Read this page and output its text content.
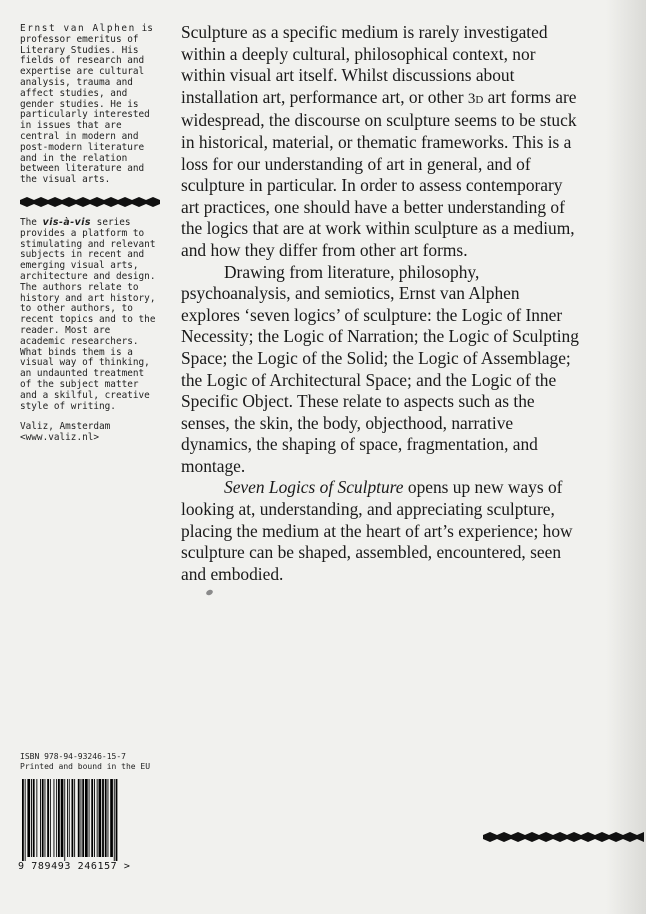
Ernst van Alphen is professor emeritus of Literary Studies. His fields of research and expertise are cultural analysis, trauma and affect studies, and gender studies. He is particularly interested in issues that are central in modern and post-modern literature and in the relation between literature and the visual arts.

The vis-à-vis series provides a platform to stimulating and relevant subjects in recent and emerging visual arts, architecture and design. The authors relate to history and art history, to other authors, to recent topics and to the reader. Most are academic researchers. What binds them is a visual way of thinking, an undaunted treatment of the subject matter and a skilful, creative style of writing.

Valiz, Amsterdam
<www.valiz.nl>

Sculpture as a specific medium is rarely investigated within a deeply cultural, philosophical context, nor within visual art itself. Whilst discussions about installation art, performance art, or other 3d art forms are widespread, the discourse on sculpture seems to be stuck in historical, material, or thematic frameworks. This is a loss for our understanding of art in general, and of sculpture in particular. In order to assess contemporary art practices, one should have a better understanding of the logics that are at work within sculpture as a medium, and how they differ from other art forms.

Drawing from literature, philosophy, psychoanalysis, and semiotics, Ernst van Alphen explores ‘seven logics’ of sculpture: the Logic of Inner Necessity; the Logic of Narration; the Logic of Sculpting Space; the Logic of the Solid; the Logic of Assemblage; the Logic of Architectural Space; and the Logic of the Specific Object. These relate to aspects such as the senses, the skin, the body, objecthood, narrative dynamics, the shaping of space, fragmentation, and montage.

Seven Logics of Sculpture opens up new ways of looking at, understanding, and appreciating sculpture, placing the medium at the heart of art’s experience; how sculpture can be shaped, assembled, encountered, seen and embodied.

ISBN 978-94-93246-15-7

Printed and bound in the EU

9 789493 246157 >
